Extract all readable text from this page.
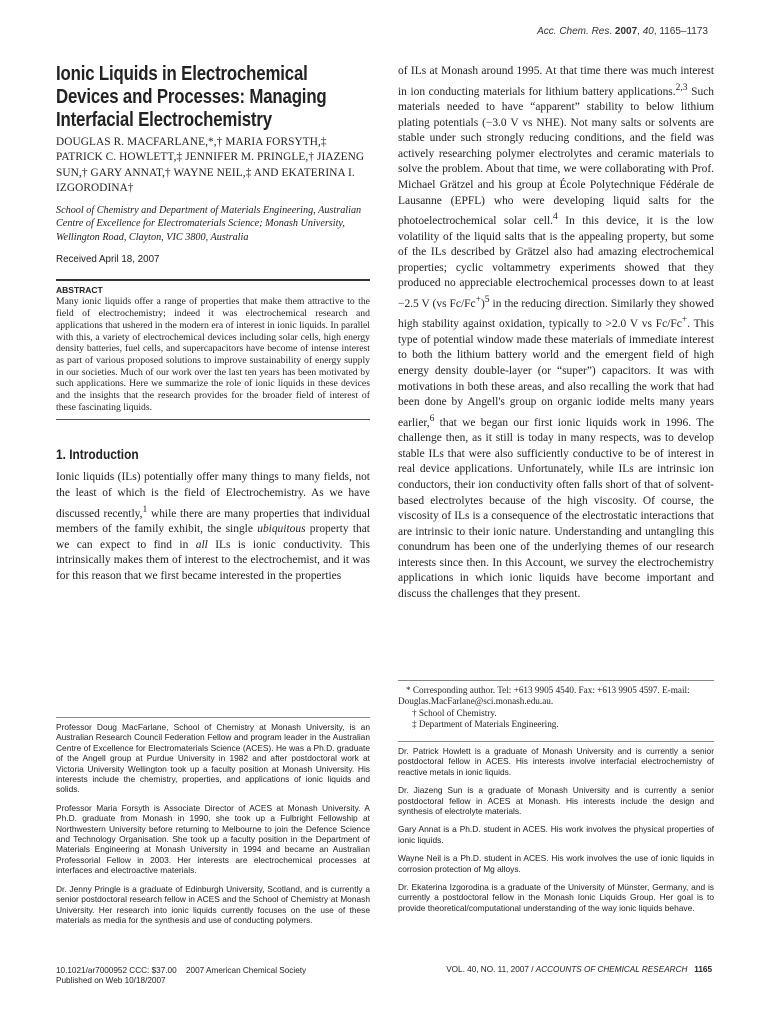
Acc. Chem. Res. 2007, 40, 1165–1173
Ionic Liquids in Electrochemical Devices and Processes: Managing Interfacial Electrochemistry
DOUGLAS R. MACFARLANE,*,† MARIA FORSYTH,‡ PATRICK C. HOWLETT,‡ JENNIFER M. PRINGLE,† JIAZENG SUN,† GARY ANNAT,† WAYNE NEIL,‡ AND EKATERINA I. IZGORODINA†
School of Chemistry and Department of Materials Engineering, Australian Centre of Excellence for Electromaterials Science; Monash University, Wellington Road, Clayton, VIC 3800, Australia
Received April 18, 2007
ABSTRACT
Many ionic liquids offer a range of properties that make them attractive to the field of electrochemistry; indeed it was electrochemical research and applications that ushered in the modern era of interest in ionic liquids. In parallel with this, a variety of electrochemical devices including solar cells, high energy density batteries, fuel cells, and supercapacitors have become of intense interest as part of various proposed solutions to improve sustainability of energy supply in our societies. Much of our work over the last ten years has been motivated by such applications. Here we summarize the role of ionic liquids in these devices and the insights that the research provides for the broader field of interest of these fascinating liquids.
1. Introduction

Ionic liquids (ILs) potentially offer many things to many fields, not the least of which is the field of Electrochemistry. As we have discussed recently,$^1$ while there are many properties that individual members of the family exhibit, the single ubiquitous property that we can expect to find in all ILs is ionic conductivity. This intrinsically makes them of interest to the electrochemist, and it was for this reason that we first became interested in the properties

of ILs at Monash around 1995. At that time there was much interest in ion conducting materials for lithium battery applications.$^{2,3}$ Such materials needed to have “apparent” stability to below lithium plating potentials (−3.0 V vs NHE). Not many salts or solvents are stable under such strongly reducing conditions, and the field was actively researching polymer electrolytes and ceramic materials to solve the problem. About that time, we were collaborating with Prof. Michael Grätzel and his group at École Polytechnique Fédérale de Lausanne (EPFL) who were developing liquid salts for the photoelectrochemical solar cell.$^4$ In this device, it is the low volatility of the liquid salts that is the appealing property, but some of the ILs described by Grätzel also had amazing electrochemical properties; cyclic voltammetry experiments showed that they produced no appreciable electrochemical processes down to at least −2.5 V (vs Fc/Fc+)$^5$ in the reducing direction. Similarly they showed high stability against oxidation, typically to >2.0 V vs Fc/Fc+. This type of potential window made these materials of immediate interest to both the lithium battery world and the emergent field of high energy density double-layer (or “super”) capacitors. It was with motivations in both these areas, and also recalling the work that had been done by Angell's group on organic iodide melts many years earlier,$^6$ that we began our first ionic liquids work in 1996. The challenge then, as it still is today in many respects, was to develop stable ILs that were also sufficiently conductive to be of interest in real device applications. Unfortunately, while ILs are intrinsic ion conductors, their ion conductivity often falls short of that of solvent-based electrolytes because of the high viscosity. Of course, the viscosity of ILs is a consequence of the electrostatic interactions that are intrinsic to their ionic nature. Understanding and untangling this conundrum has been one of the underlying themes of our research interests since then. In this Account, we survey the electrochemistry applications in which ionic liquids have become important and discuss the challenges that they present.

* Corresponding author. Tel: +613 9905 4540. Fax: +613 9905 4597. E-mail: Douglas.MacFarlane@sci.monash.edu.au.
† School of Chemistry.
‡ Department of Materials Engineering.

Professor Doug MacFarlane, School of Chemistry at Monash University, is an Australian Research Council Federation Fellow and program leader in the Australian Centre of Excellence for Electromaterials Science (ACES). He was a Ph.D. graduate of the Angell group at Purdue University in 1982 and after postdoctoral work at Victoria University Wellington took up a faculty position at Monash University. His interests include the chemistry, properties, and applications of ionic liquids and solids.

Professor Maria Forsyth is Associate Director of ACES at Monash University. A Ph.D. graduate from Monash in 1990, she took up a Fulbright Fellowship at Northwestern University before returning to Melbourne to join the Defence Science and Technology Organisation. She took up a faculty position in the Department of Materials Engineering at Monash University in 1994 and became an Australian Professorial Fellow in 2003. Her interests are electrochemical processes at interfaces and electroactive materials.

Dr. Jenny Pringle is a graduate of Edinburgh University, Scotland, and is currently a senior postdoctoral research fellow in ACES and the School of Chemistry at Monash University. Her research into ionic liquids currently focuses on the use of these materials as media for the synthesis and use of conducting polymers.

Dr. Patrick Howlett is a graduate of Monash University and is currently a senior postdoctoral fellow in ACES. His interests involve interfacial electrochemistry of reactive metals in ionic liquids.

Dr. Jiazeng Sun is a graduate of Monash University and is currently a senior postdoctoral fellow in ACES at Monash. His interests include the design and synthesis of electrolyte materials.

Gary Annat is a Ph.D. student in ACES. His work involves the physical properties of ionic liquids.

Wayne Neil is a Ph.D. student in ACES. His work involves the use of ionic liquids in corrosion protection of Mg alloys.

Dr. Ekaterina Izgorodina is a graduate of the University of Münster, Germany, and is currently a postdoctoral fellow in the Monash Ionic Liquids Group. Her goal is to provide theoretical/computational understanding of the way ionic liquids behave.

10.1021/ar7000952 CCC: $37.00
Published on Web 10/18/2007
2007 American Chemical Society	VOL. 40, NO. 11, 2007 / ACCOUNTS OF CHEMICAL RESEARCH 1165
